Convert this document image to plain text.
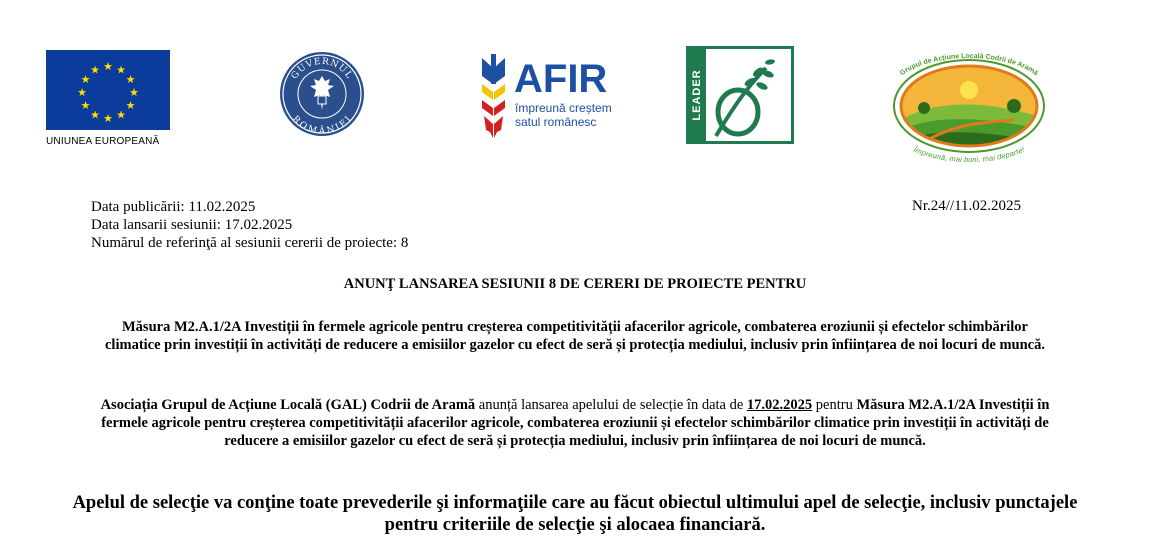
★ ★
★
★
★
★
★
★
★
★
★
★
UNIUNEA EUROPEANĂ
GUVERNUL
ROMÂNIEI
AFIR
împreună creștem
satul românesc
LEADER	Grupul de Acțiune Locală Codrii de Aramă
Împreună, mai buni, mai departe!
Data publicării: 11.02.2025
Data lansarii sesiunii: 17.02.2025
Numărul de referinţă al sesiunii cererii de proiecte: 8
Nr.24//11.02.2025
ANUNŢ LANSAREA SESIUNII 8 DE CERERI DE PROIECTE PENTRU
Măsura M2.A.1/2A Investiții în fermele agricole pentru creșterea competitivității afacerilor agricole, combaterea eroziunii și efectelor schimbărilor climatice prin investiții în activități de reducere a emisiilor gazelor cu efect de seră și protecția mediului, inclusiv prin înființarea de noi locuri de muncă.
Asociația Grupul de Acțiune Locală (GAL) Codrii de Aramă anunță lansarea apelului de selecție în data de 17.02.2025 pentru Măsura M2.A.1/2A Investiții în fermele agricole pentru creșterea competitivității afacerilor agricole, combaterea eroziunii și efectelor schimbărilor climatice prin investiții în activități de reducere a emisiilor gazelor cu efect de seră și protecția mediului, inclusiv prin înființarea de noi locuri de muncă.
Apelul de selecţie va conţine toate prevederile şi informaţiile care au făcut obiectul ultimului apel de selecţie, inclusiv punctajele pentru criteriile de selecţie şi alocaea financiară.
